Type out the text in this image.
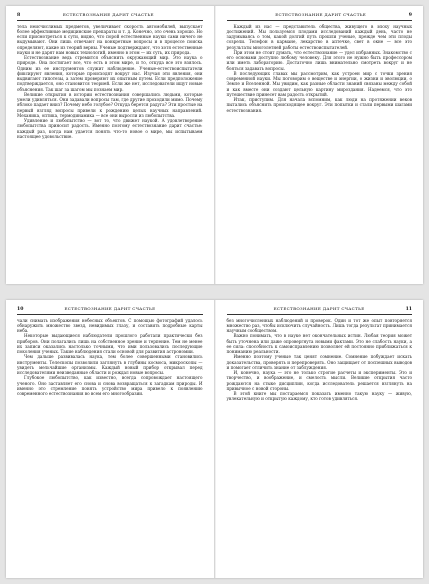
8	ЕСТЕСТВОЗНАНИЕ ДАРИТ СЧАСТЬЕ

тела неисчислимых предметов, увеличивает скорость автомобилей, выпускает более эффективные медицинские препараты и т. д. Конечно, это очень хорошо. Но если присмотреться к сути, видно, что порой естественные науки сами ничего не выдумывают. Они лишь отвечают на конкретные вопросы и в процессе поиска определяют, какие из теорий верны. Ученые подтверждают, что хотя естественные науки и не дарят нам новых технологий, именно в этом — их суть, их природа.

Естествознание ведь стремится объяснить окружающий мир. Это наука о природе. Она постигает все, что есть в этом мире, и то, откуда все это взялось. Одним из ее инструментов служит наблюдение. Ученые-естествоиспытатели фиксируют явления, которые происходят вокруг нас. Изучая эти явления, они выдвигают гипотезы, а затем проверяют их опытным путем. Если предположение подтверждается, оно становится теорией. Если же нет, исследователи ищут новые объяснения. Так шаг за шагом мы познаем мир.

Великие открытия в истории естествознания совершались людьми, которые умели удивляться. Они задавали вопросы там, где другие проходили мимо. Почему яблоко падает вниз? Почему небо голубое? Откуда берется радуга? Эти простые на первый взгляд вопросы привели к рождению целых научных направлений. Механика, оптика, термодинамика — все они выросли из любопытства.

Удивление и любопытство — вот то, что движет наукой. А удовлетворение любопытства приносит радость. Именно поэтому естествознание дарит счастье: каждый раз, когда нам удается понять что-то новое о мире, мы испытываем настоящее удовольствие.

ЕСТЕСТВОЗНАНИЕ ДАРИТ СЧАСТЬЕ	9

Каждый из нас — представитель общества, живущего в эпоху научных достижений. Мы пользуемся плодами исследований каждый день, часто не задумываясь о том, какой долгий путь прошли ученые, прежде чем эти плоды созрели. Телефон в кармане, лекарство в аптечке, свет в окне — все это результаты многолетней работы естествоиспытателей.

При этом не стоит думать, что естествознание — удел избранных. Знакомство с его основами доступно любому человеку. Для этого не нужно быть профессором или иметь лабораторию. Достаточно лишь внимательно смотреть вокруг и не бояться задавать вопросы.

В последующих главах мы рассмотрим, как устроен мир с точки зрения современной науки. Мы поговорим о веществе и энергии, о жизни и эволюции, о Земле и Вселенной. Мы увидим, как разные области знаний связаны между собой и как вместе они создают цельную картину мироздания. Надеемся, что это путешествие принесет вам радость открытий.

Итак, приступим. Для начала вспомним, как люди на протяжении веков пытались объяснить происходящее вокруг. Эти попытки и стали первыми шагами естествознания.

10	ЕСТЕСТВОЗНАНИЕ ДАРИТ СЧАСТЬЕ

чали снимать изображения небесных объектов. С помощью фотографий удалось обнаружить множество звезд, невидимых глазу, и составить подробные карты неба.

Некоторые выдающиеся наблюдатели прошлого работали практически без приборов. Они полагались лишь на собственное зрение и терпение. Тем не менее их записи оказались настолько точными, что ими пользовались последующие поколения ученых. Такие наблюдения стали основой для развития астрономии.

Чем дальше развивалась наука, тем более совершенными становились инструменты. Телескопы позволили заглянуть в глубины космоса, микроскопы — увидеть мельчайшие организмы. Каждый новый прибор открывал перед исследователями неизведанные области и рождал новые вопросы.

Глубокое любопытство, как известно, всегда сопровождает настоящего ученого. Оно заставляет его снова и снова возвращаться к загадкам природы. И именно это стремление понять устройство мира привело к появлению современного естествознания во всем его многообразии.

ЕСТЕСТВОЗНАНИЕ ДАРИТ СЧАСТЬЕ	11

без многочисленных наблюдений и проверок. Один и тот же опыт повторяется множество раз, чтобы исключить случайность. Лишь тогда результат принимается научным сообществом.

Важно понимать, что в науке нет окончательных истин. Любая теория может быть уточнена или даже опровергнута новыми фактами. Это не слабость науки, а ее сила: способность к самоисправлению позволяет ей постоянно приближаться к пониманию реальности.

Именно поэтому ученые так ценят сомнение. Сомнение побуждает искать доказательства, проверять и перепроверять. Оно защищает от поспешных выводов и помогает отличить знание от заблуждения.

И, конечно, наука — это не только строгие расчеты и эксперименты. Это и творчество, и воображение, и смелость мысли. Великие открытия часто рождаются на стыке дисциплин, когда исследователь решается взглянуть на привычное с новой стороны.

В этой книге мы постараемся показать именно такую науку — живую, увлекательную и открытую каждому, кто готов удивляться.
